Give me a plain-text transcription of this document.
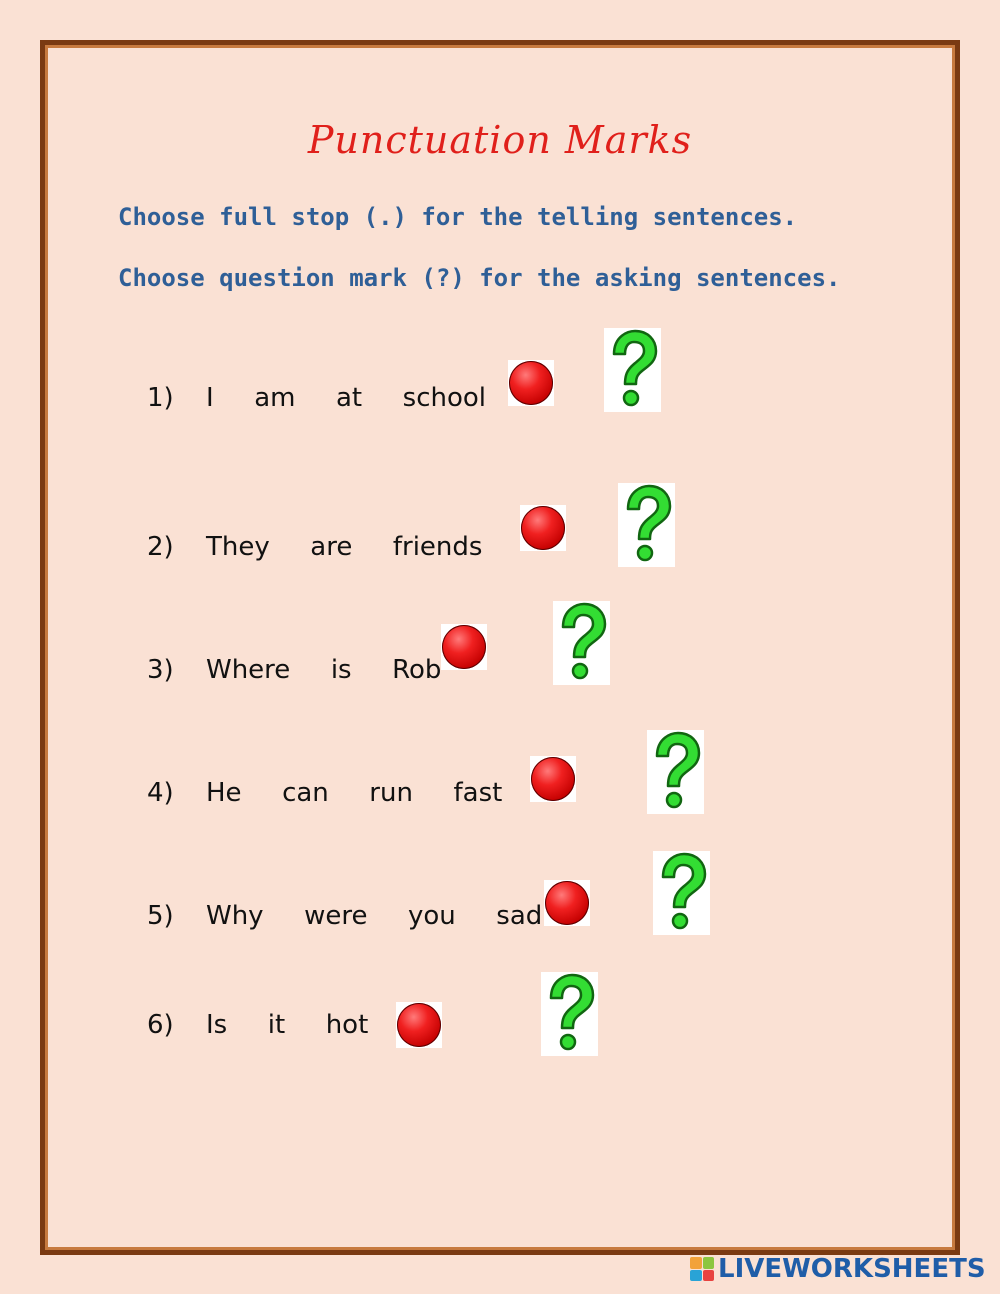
Punctuation Marks
Choose full stop (.) for the telling sentences.
Choose question mark (?) for the asking sentences.
1) I  am  at  school
2) They  are  friends
3) Where  is  Rob
4) He  can  run  fast
5) Why  were  you  sad
6) Is  it  hot
LIVEWORKSHEETS
